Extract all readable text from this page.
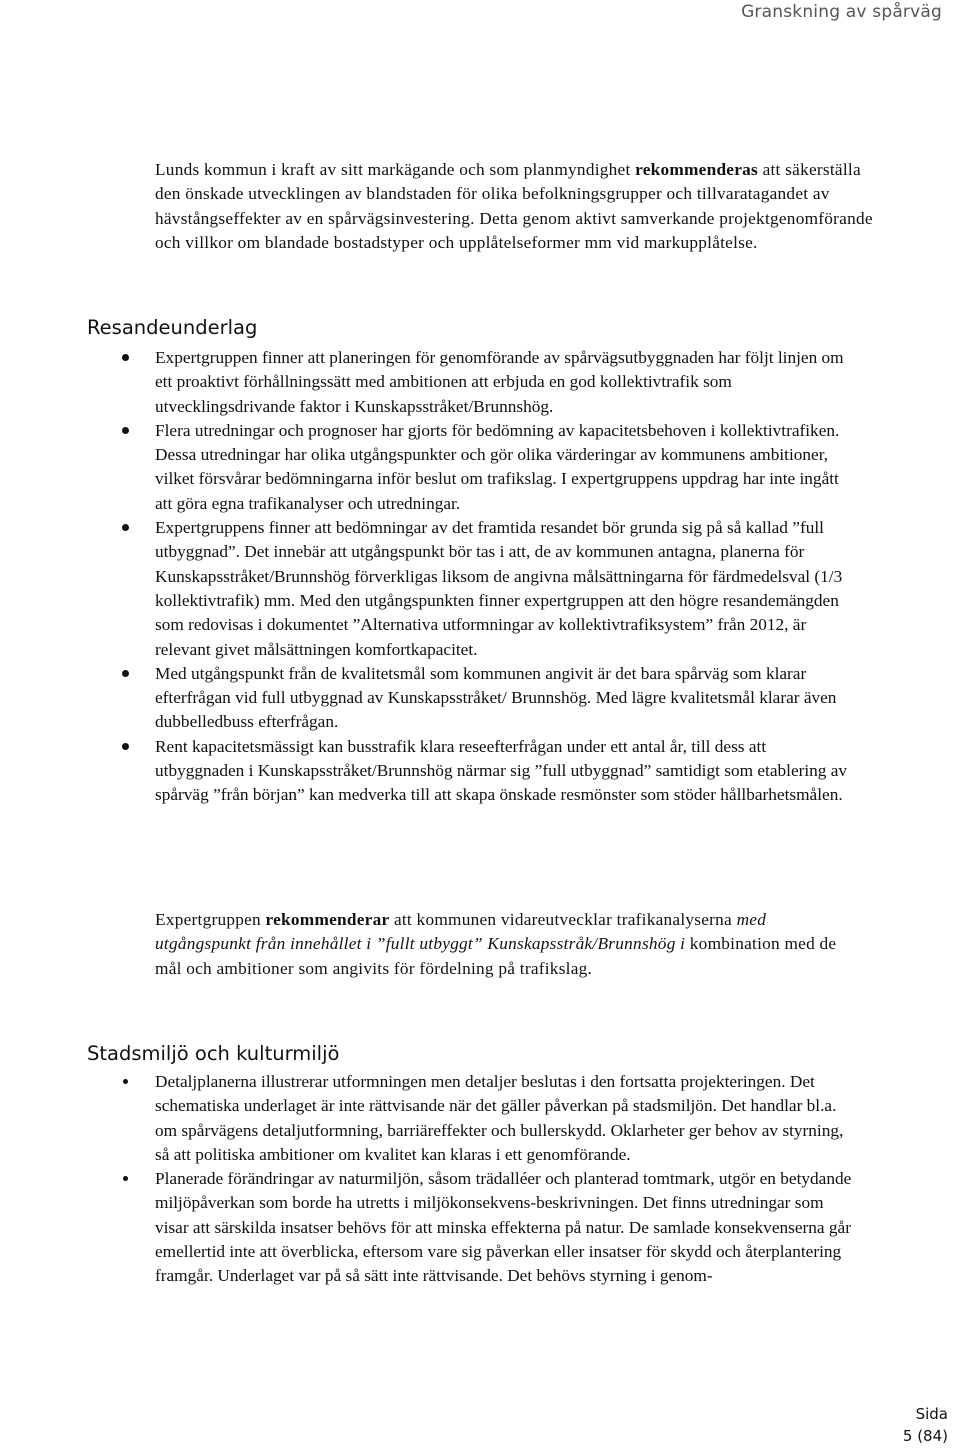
Granskning av spårväg

Lunds kommun i kraft av sitt markägande och som planmyndighet rekommenderas att säkerställa den önskade utvecklingen av blandstaden för olika befolkningsgrupper och tillvaratagandet av hävstångseffekter av en spårvägsinvestering. Detta genom aktivt samverkande projektgenomförande och villkor om blandade bostadstyper och upplåtelseformer mm vid markupplåtelse.

Resandeunderlag
Expertgruppen finner att planeringen för genomförande av spårvägsutbyggnaden har följt linjen om ett proaktivt förhållningssätt med ambitionen att erbjuda en god kollektivtrafik som utvecklingsdrivande faktor i Kunskapsstråket/Brunnshög.
Flera utredningar och prognoser har gjorts för bedömning av kapacitetsbehoven i kollektivtrafiken. Dessa utredningar har olika utgångspunkter och gör olika värderingar av kommunens ambitioner, vilket försvårar bedömningarna inför beslut om trafikslag. I expertgruppens uppdrag har inte ingått att göra egna trafikanalyser och utredningar.
Expertgruppens finner att bedömningar av det framtida resandet bör grunda sig på så kallad ”full utbyggnad”. Det innebär att utgångspunkt bör tas i att, de av kommunen antagna, planerna för Kunskapsstråket/Brunnshög förverkligas liksom de angivna målsättningarna för färdmedelsval (1/3 kollektivtrafik) mm. Med den utgångspunkten finner expertgruppen att den högre resandemängden som redovisas i dokumentet ”Alternativa utformningar av kollektivtrafiksystem” från 2012, är relevant givet målsättningen komfortkapacitet.
Med utgångspunkt från de kvalitetsmål som kommunen angivit är det bara spårväg som klarar efterfrågan vid full utbyggnad av Kunskapsstråket/ Brunnshög. Med lägre kvalitetsmål klarar även dubbelledbuss efterfrågan.
Rent kapacitetsmässigt kan busstrafik klara reseefterfrågan under ett antal år, till dess att utbyggnaden i Kunskapsstråket/Brunnshög närmar sig ”full utbyggnad” samtidigt som etablering av spårväg ”från början” kan medverka till att skapa önskade resmönster som stöder hållbarhetsmålen.

Expertgruppen rekommenderar att kommunen vidareutvecklar trafikanalyserna med utgångspunkt från innehållet i ”fullt utbyggt” Kunskapsstråk/Brunnshög i kombination med de mål och ambitioner som angivits för fördelning på trafikslag.

Stadsmiljö och kulturmiljö
Detaljplanerna illustrerar utformningen men detaljer beslutas i den fortsatta projekteringen. Det schematiska underlaget är inte rättvisande när det gäller påverkan på stadsmiljön. Det handlar bl.a. om spårvägens detaljutformning, barriäreffekter och bullerskydd. Oklarheter ger behov av styrning, så att politiska ambitioner om kvalitet kan klaras i ett genomförande.
Planerade förändringar av naturmiljön, såsom trädalléer och planterad tomtmark, utgör en betydande miljöpåverkan som borde ha utretts i miljökonsekvens-beskrivningen. Det finns utredningar som visar att särskilda insatser behövs för att minska effekterna på natur. De samlade konsekvenserna går emellertid inte att överblicka, eftersom vare sig påverkan eller insatser för skydd och återplantering framgår. Underlaget var på så sätt inte rättvisande. Det behövs styrning i genom-
Sida
5 (84)
